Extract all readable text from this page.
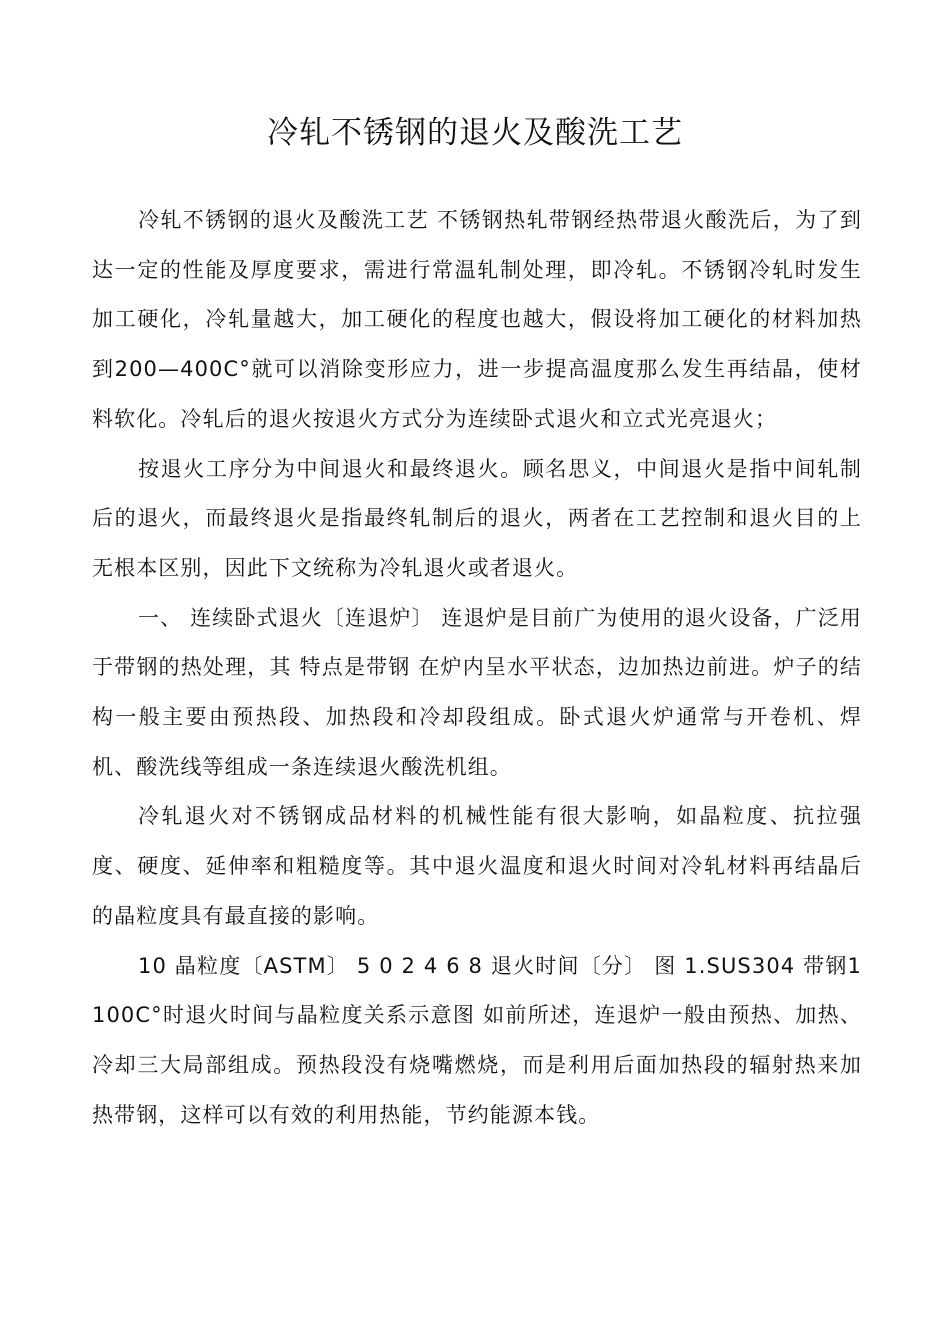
冷轧不锈钢的退火及酸洗工艺

冷轧不锈钢的退火及酸洗工艺 不锈钢热轧带钢经热带退火酸洗后，为了到达一定的性能及厚度要求，需进行常温轧制处理，即冷轧。不锈钢冷轧时发生加工硬化，冷轧量越大，加工硬化的程度也越大，假设将加工硬化的材料加热到200—400C°就可以消除变形应力，进一步提高温度那么发生再结晶，使材料软化。冷轧后的退火按退火方式分为连续卧式退火和立式光亮退火；

按退火工序分为中间退火和最终退火。顾名思义，中间退火是指中间轧制后的退火，而最终退火是指最终轧制后的退火，两者在工艺控制和退火目的上无根本区别，因此下文统称为冷轧退火或者退火。

一、 连续卧式退火〔连退炉〕 连退炉是目前广为使用的退火设备，广泛用于带钢的热处理，其 特点是带钢 在炉内呈水平状态，边加热边前进。炉子的结构一般主要由预热段、加热段和冷却段组成。卧式退火炉通常与开卷机、焊机、酸洗线等组成一条连续退火酸洗机组。

冷轧退火对不锈钢成品材料的机械性能有很大影响，如晶粒度、抗拉强度、硬度、延伸率和粗糙度等。其中退火温度和退火时间对冷轧材料再结晶后的晶粒度具有最直接的影响。

10 晶粒度〔ASTM〕 5 0 2 4 6 8 退火时间〔分〕 图 1.SUS304 带钢1100C°时退火时间与晶粒度关系示意图 如前所述，连退炉一般由预热、加热、冷却三大局部组成。预热段没有烧嘴燃烧，而是利用后面加热段的辐射热来加热带钢，这样可以有效的利用热能，节约能源本钱。
